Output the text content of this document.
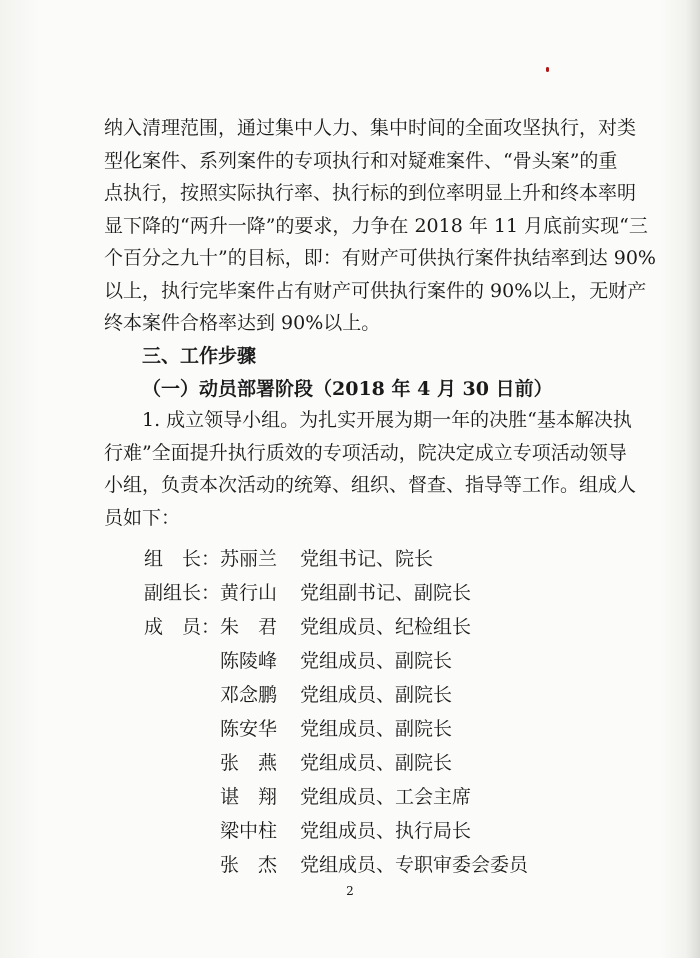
纳入清理范围，通过集中人力、集中时间的全面攻坚执行，对类
型化案件、系列案件的专项执行和对疑难案件、“骨头案”的重
点执行，按照实际执行率、执行标的到位率明显上升和终本率明
显下降的“两升一降”的要求，力争在 2018 年 11 月底前实现“三
个百分之九十”的目标，即：有财产可供执行案件执结率到达 90%
以上，执行完毕案件占有财产可供执行案件的 90%以上，无财产
终本案件合格率达到 90%以上。
三、工作步骤
（一）动员部署阶段（2018 年 4 月 30 日前）
1. 成立领导小组。为扎实开展为期一年的决胜“基本解决执
行难”全面提升执行质效的专项活动，院决定成立专项活动领导
小组，负责本次活动的统筹、组织、督查、指导等工作。组成人
员如下：
组　长： 苏丽兰	党组书记、院长
副组长： 黄行山	党组副书记、副院长
成　员： 朱　君	党组成员、纪检组长
陈陵峰	党组成员、副院长
邓念鹏	党组成员、副院长
陈安华	党组成员、副院长
张　燕	党组成员、副院长
谌　翔	党组成员、工会主席
梁中柱	党组成员、执行局长
张　杰	党组成员、专职审委会委员
2
